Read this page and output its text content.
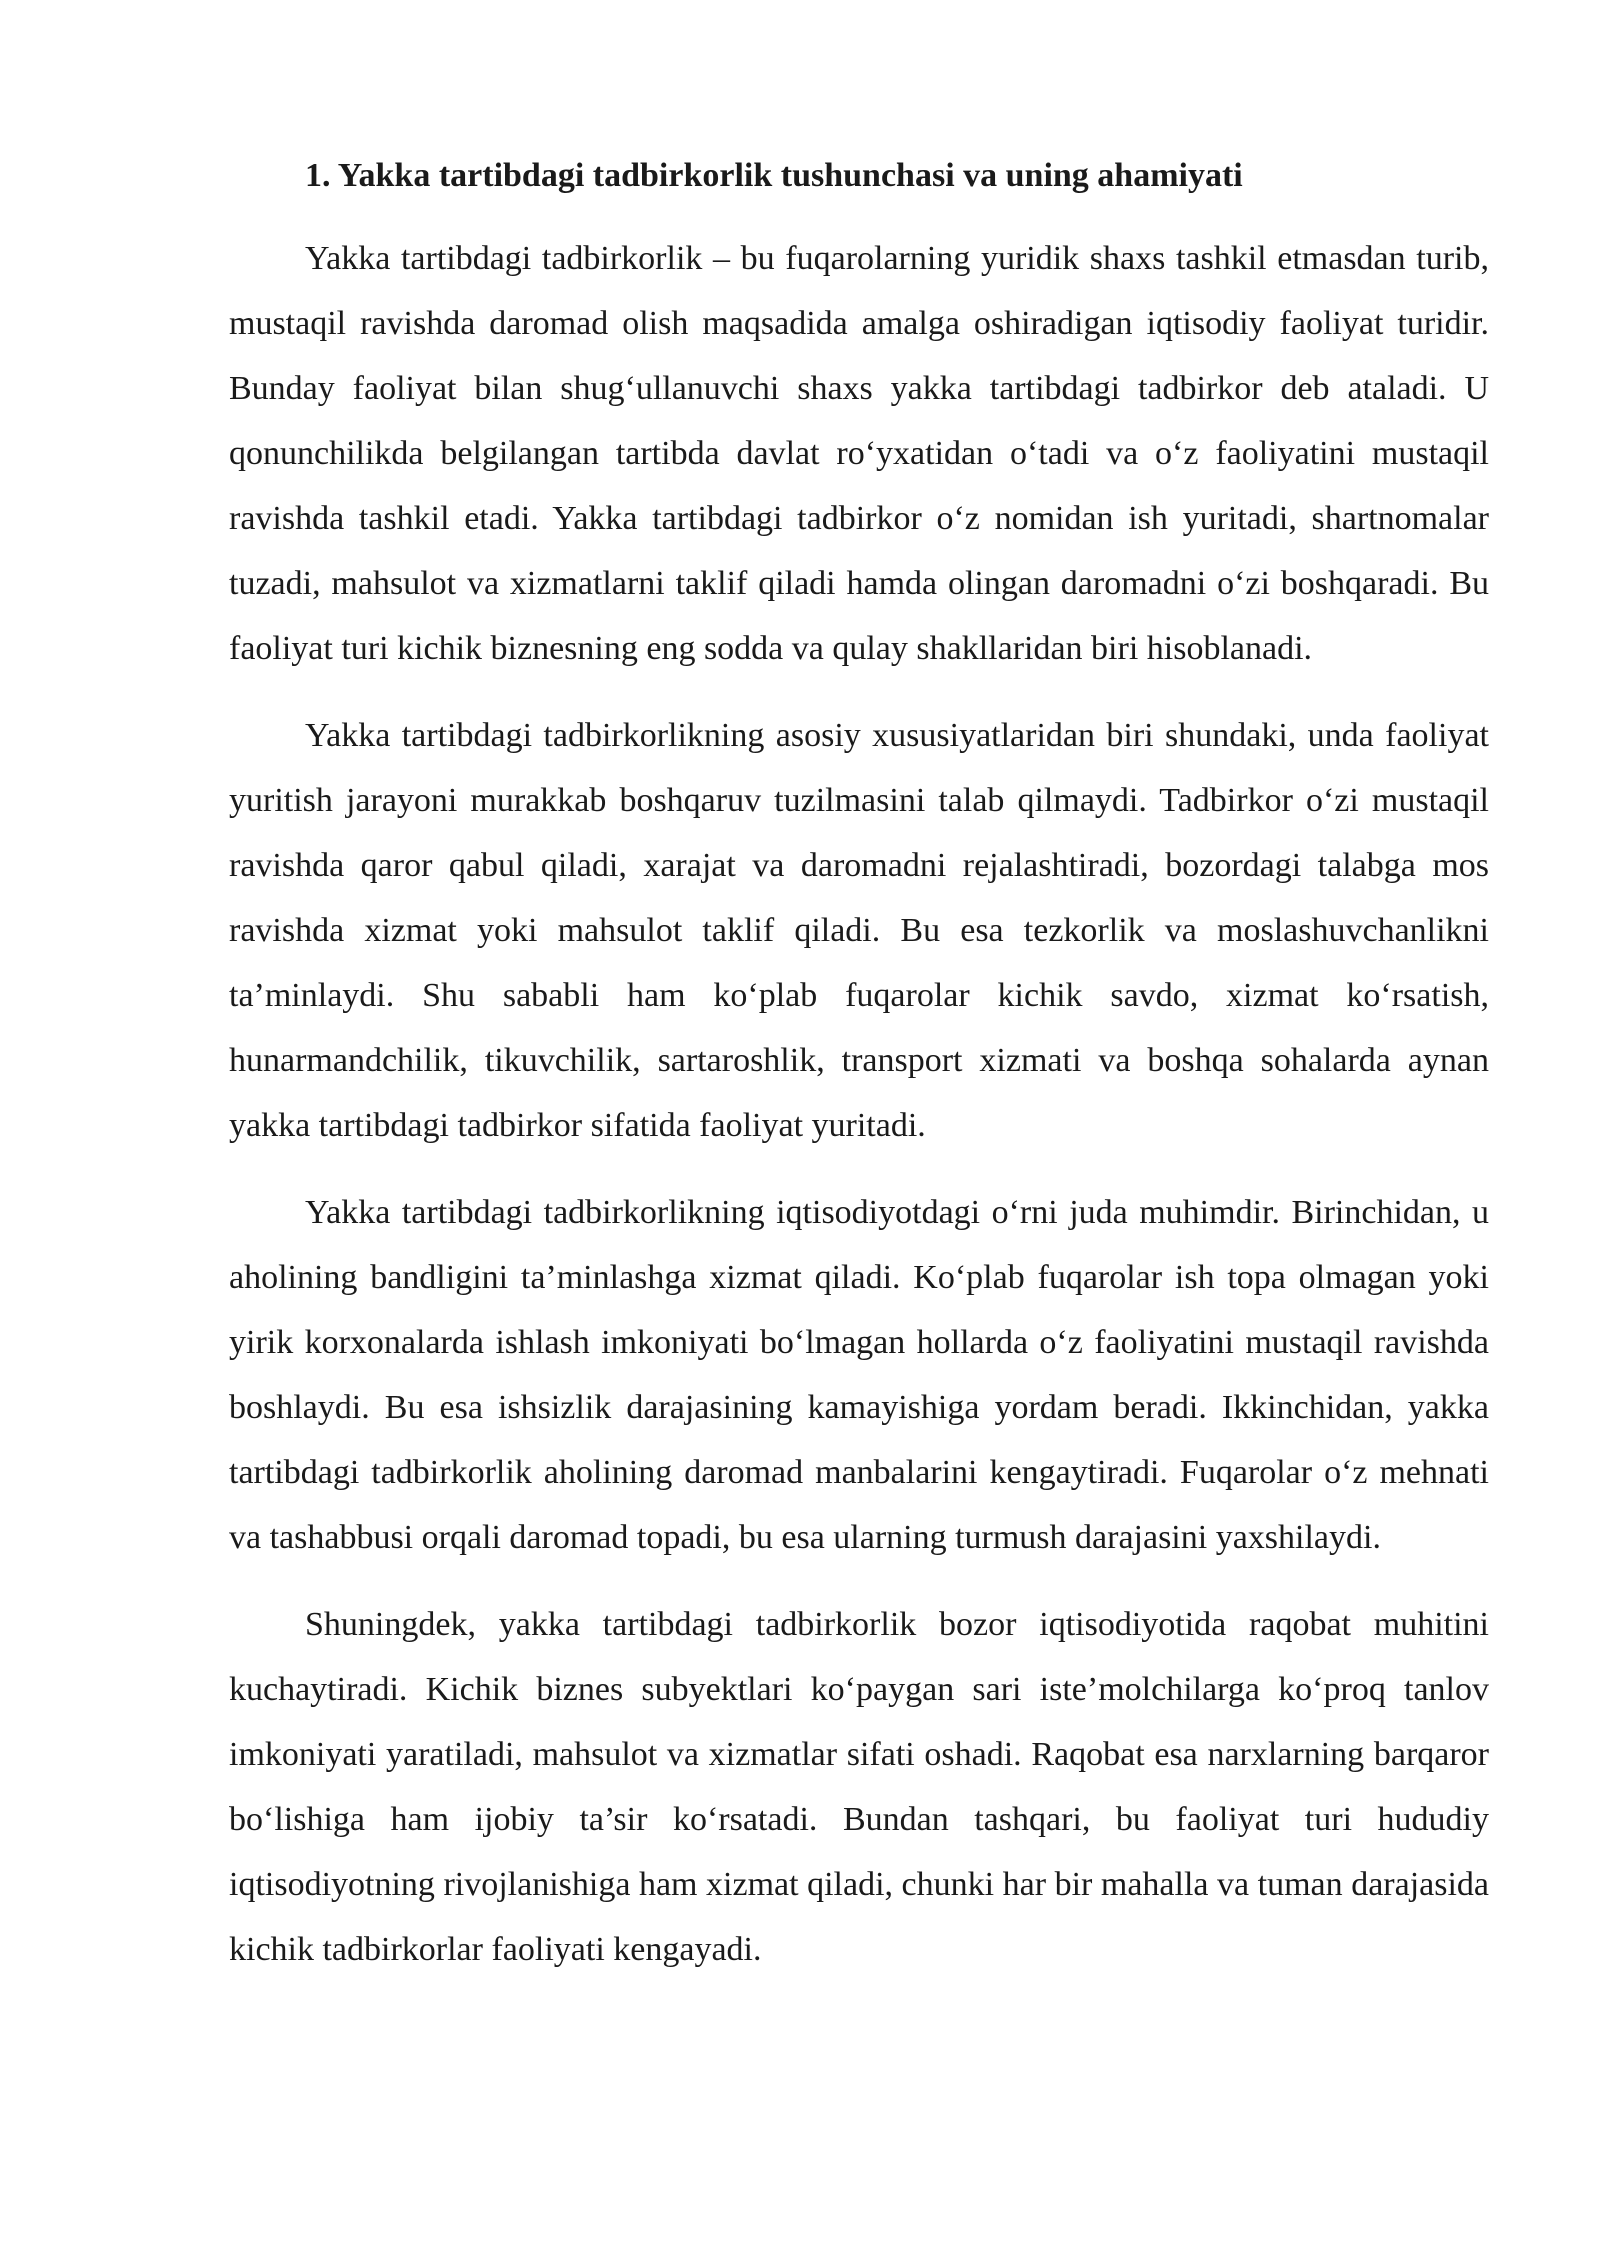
1. Yakka tartibdagi tadbirkorlik tushunchasi va uning ahamiyati

Yakka tartibdagi tadbirkorlik – bu fuqarolarning yuridik shaxs tashkil etmasdan turib, mustaqil ravishda daromad olish maqsadida amalga oshiradigan iqtisodiy faoliyat turidir. Bunday faoliyat bilan shug‘ullanuvchi shaxs yakka tartibdagi tadbirkor deb ataladi. U qonunchilikda belgilangan tartibda davlat ro‘yxatidan o‘tadi va o‘z faoliyatini mustaqil ravishda tashkil etadi. Yakka tartibdagi tadbirkor o‘z nomidan ish yuritadi, shartnomalar tuzadi, mahsulot va xizmatlarni taklif qiladi hamda olingan daromadni o‘zi boshqaradi. Bu faoliyat turi kichik biznesning eng sodda va qulay shakllaridan biri hisoblanadi.

Yakka tartibdagi tadbirkorlikning asosiy xususiyatlaridan biri shundaki, unda faoliyat yuritish jarayoni murakkab boshqaruv tuzilmasini talab qilmaydi. Tadbirkor o‘zi mustaqil ravishda qaror qabul qiladi, xarajat va daromadni rejalashtiradi, bozordagi talabga mos ravishda xizmat yoki mahsulot taklif qiladi. Bu esa tezkorlik va moslashuvchanlikni ta’minlaydi. Shu sababli ham ko‘plab fuqarolar kichik savdo, xizmat ko‘rsatish, hunarmandchilik, tikuvchilik, sartaroshlik, transport xizmati va boshqa sohalarda aynan yakka tartibdagi tadbirkor sifatida faoliyat yuritadi.

Yakka tartibdagi tadbirkorlikning iqtisodiyotdagi o‘rni juda muhimdir. Birinchidan, u aholining bandligini ta’minlashga xizmat qiladi. Ko‘plab fuqarolar ish topa olmagan yoki yirik korxonalarda ishlash imkoniyati bo‘lmagan hollarda o‘z faoliyatini mustaqil ravishda boshlaydi. Bu esa ishsizlik darajasining kamayishiga yordam beradi. Ikkinchidan, yakka tartibdagi tadbirkorlik aholining daromad manbalarini kengaytiradi. Fuqarolar o‘z mehnati va tashabbusi orqali daromad topadi, bu esa ularning turmush darajasini yaxshilaydi.

Shuningdek, yakka tartibdagi tadbirkorlik bozor iqtisodiyotida raqobat muhitini kuchaytiradi. Kichik biznes subyektlari ko‘paygan sari iste’molchilarga ko‘proq tanlov imkoniyati yaratiladi, mahsulot va xizmatlar sifati oshadi. Raqobat esa narxlarning barqaror bo‘lishiga ham ijobiy ta’sir ko‘rsatadi. Bundan tashqari, bu faoliyat turi hududiy iqtisodiyotning rivojlanishiga ham xizmat qiladi, chunki har bir mahalla va tuman darajasida kichik tadbirkorlar faoliyati kengayadi.
